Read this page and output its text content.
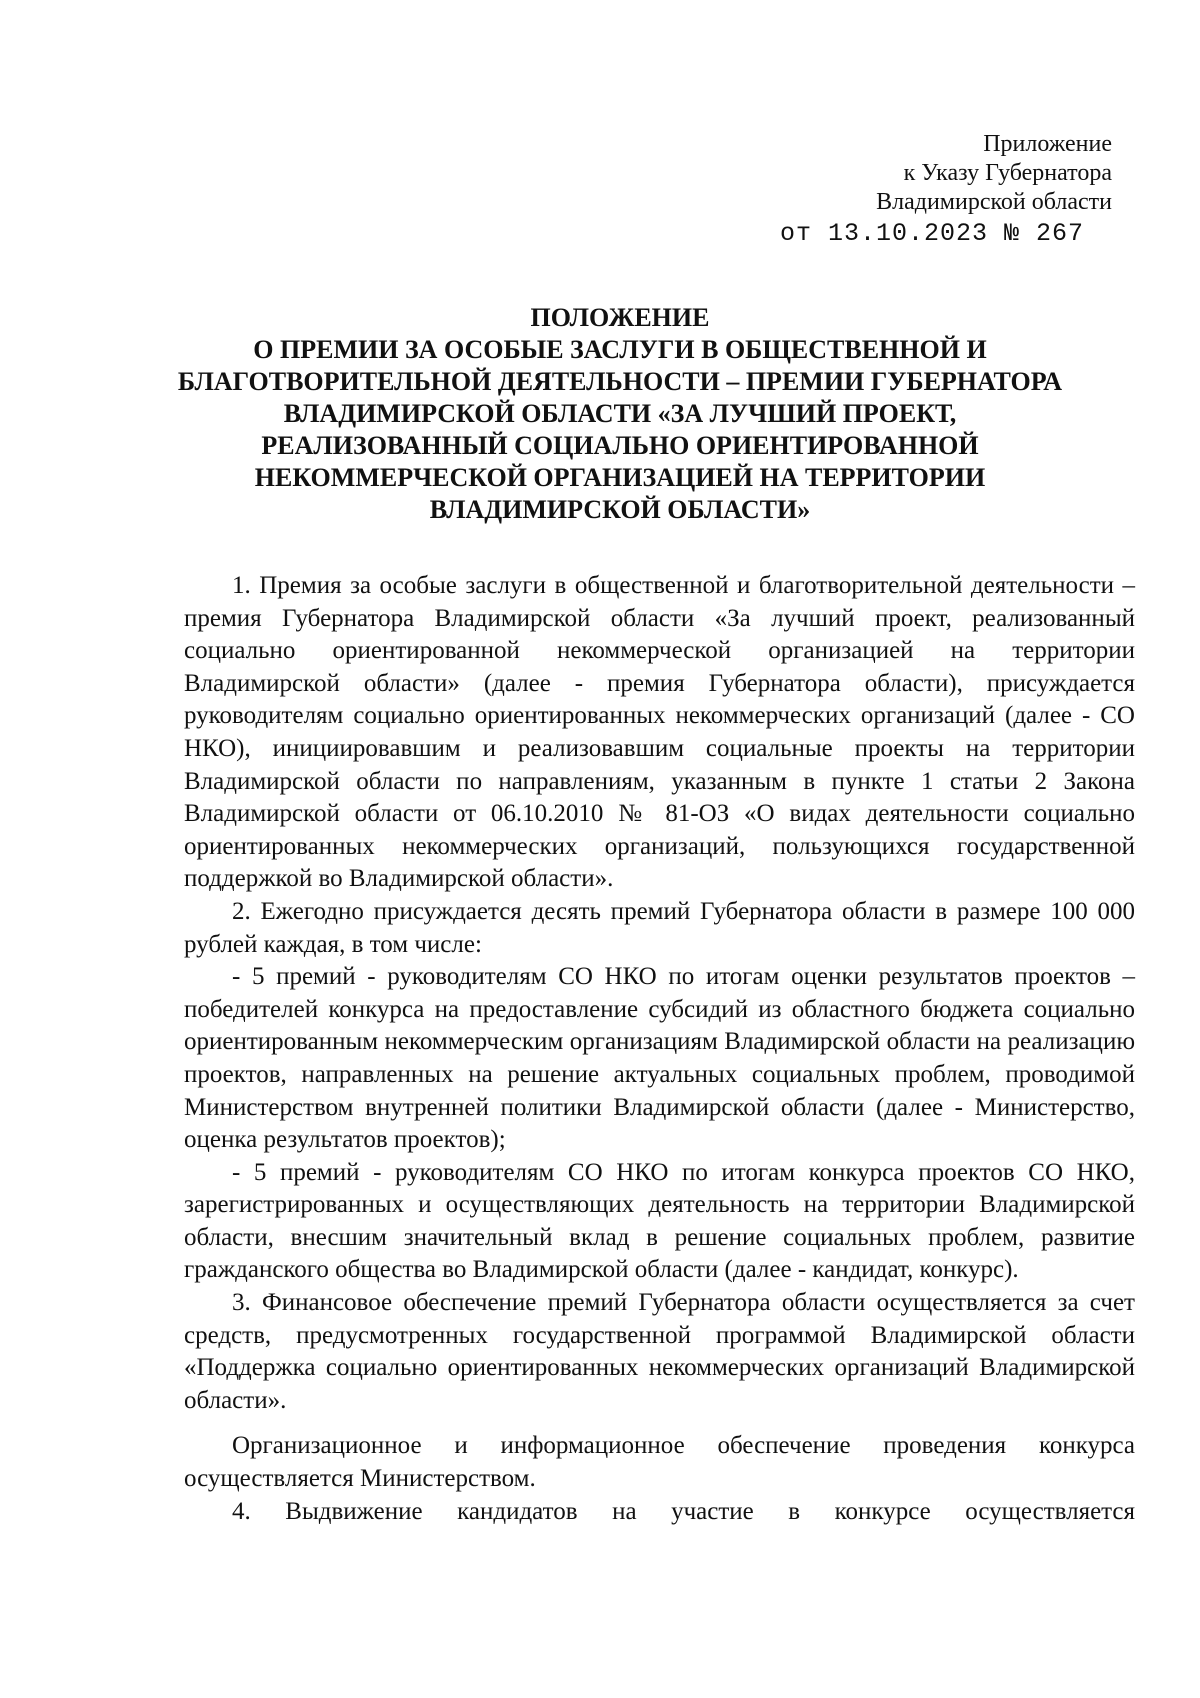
Приложение
к Указу Губернатора
Владимирской области
от 13.10.2023 № 267
ПОЛОЖЕНИЕ
О ПРЕМИИ ЗА ОСОБЫЕ ЗАСЛУГИ В ОБЩЕСТВЕННОЙ И
БЛАГОТВОРИТЕЛЬНОЙ ДЕЯТЕЛЬНОСТИ – ПРЕМИИ ГУБЕРНАТОРА
ВЛАДИМИРСКОЙ ОБЛАСТИ «ЗА ЛУЧШИЙ ПРОЕКТ,
РЕАЛИЗОВАННЫЙ СОЦИАЛЬНО ОРИЕНТИРОВАННОЙ
НЕКОММЕРЧЕСКОЙ ОРГАНИЗАЦИЕЙ НА ТЕРРИТОРИИ
ВЛАДИМИРСКОЙ ОБЛАСТИ»

1. Премия за особые заслуги в общественной и благотворительной деятельности – премия Губернатора Владимирской области «За лучший проект, реализованный социально ориентированной некоммерческой организацией на территории Владимирской области» (далее - премия Губернатора области), присуждается руководителям социально ориентированных некоммерческих организаций (далее - СО НКО), инициировавшим и реализовавшим социальные проекты на территории Владимирской области по направлениям, указанным в пункте 1 статьи 2 Закона Владимирской области от 06.10.2010 № 81-ОЗ «О видах деятельности социально ориентированных некоммерческих организаций, пользующихся государственной поддержкой во Владимирской области».

2. Ежегодно присуждается десять премий Губернатора области в размере 100 000 рублей каждая, в том числе:

- 5 премий - руководителям СО НКО по итогам оценки результатов проектов – победителей конкурса на предоставление субсидий из областного бюджета социально ориентированным некоммерческим организациям Владимирской области на реализацию проектов, направленных на решение актуальных социальных проблем, проводимой Министерством внутренней политики Владимирской области (далее - Министерство, оценка результатов проектов);

- 5 премий - руководителям СО НКО по итогам конкурса проектов СО НКО, зарегистрированных и осуществляющих деятельность на территории Владимирской области, внесшим значительный вклад в решение социальных проблем, развитие гражданского общества во Владимирской области (далее - кандидат, конкурс).

3. Финансовое обеспечение премий Губернатора области осуществляется за счет средств, предусмотренных государственной программой Владимирской области «Поддержка социально ориентированных некоммерческих организаций Владимирской области».

Организационное и информационное обеспечение проведения конкурса осуществляется Министерством.

4. Выдвижение кандидатов на участие в конкурсе осуществляется
